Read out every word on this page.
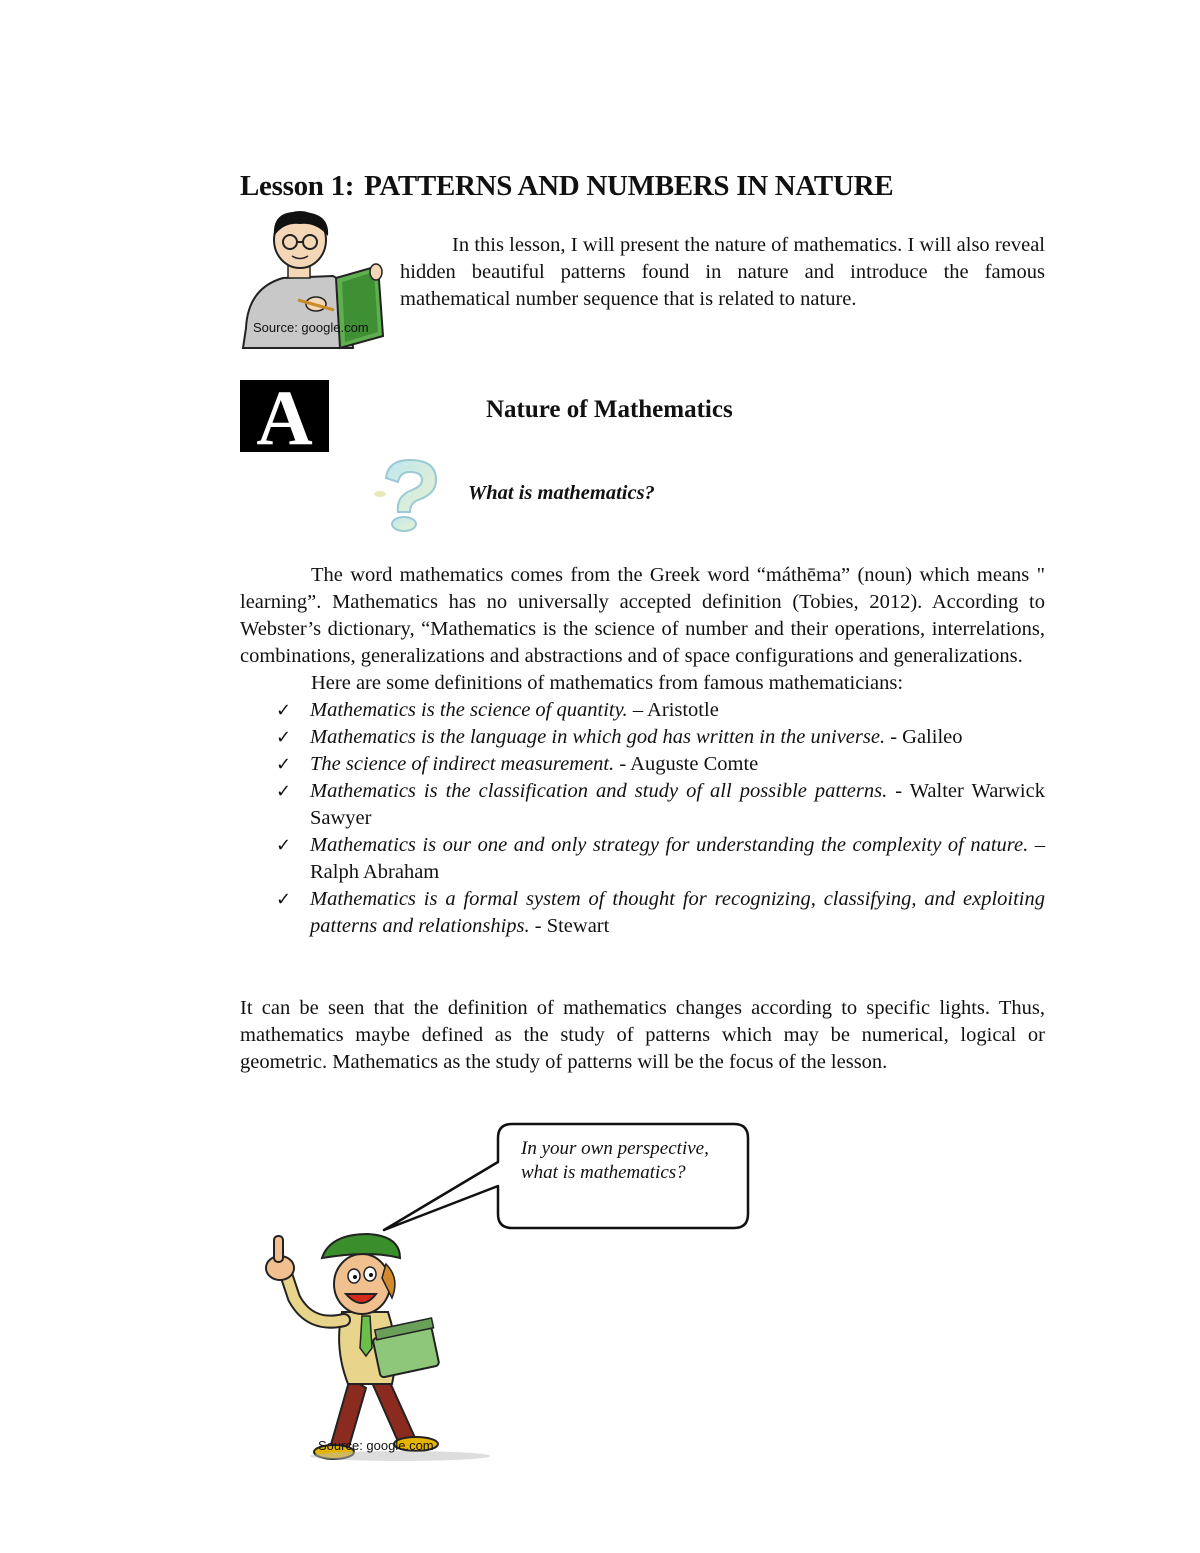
Lesson 1: PATTERNS AND NUMBERS IN NATURE
Source: google.com
In this lesson, I will present the nature of mathematics. I will also reveal hidden beautiful patterns found in nature and introduce the famous mathematical number sequence that is related to nature.
A	Nature of Mathematics
What is mathematics?

The word mathematics comes from the Greek word “máthēma” (noun) which means " learning”. Mathematics has no universally accepted definition (Tobies, 2012). According to Webster’s dictionary, “Mathematics is the science of number and their operations, interrelations, combinations, generalizations and abstractions and of space configurations and generalizations.

Here are some definitions of mathematics from famous mathematicians:

✓ Mathematics is the science of quantity. – Aristotle
✓ Mathematics is the language in which god has written in the universe. - Galileo
✓ The science of indirect measurement. - Auguste Comte
✓ Mathematics is the classification and study of all possible patterns. - Walter Warwick Sawyer
✓ Mathematics is our one and only strategy for understanding the complexity of nature. – Ralph Abraham
✓ Mathematics is a formal system of thought for recognizing, classifying, and exploiting patterns and relationships. - Stewart
It can be seen that the definition of mathematics changes according to specific lights. Thus, mathematics maybe defined as the study of patterns which may be numerical, logical or geometric. Mathematics as the study of patterns will be the focus of the lesson.
In your own perspective,
what is mathematics?
Source: google.com
